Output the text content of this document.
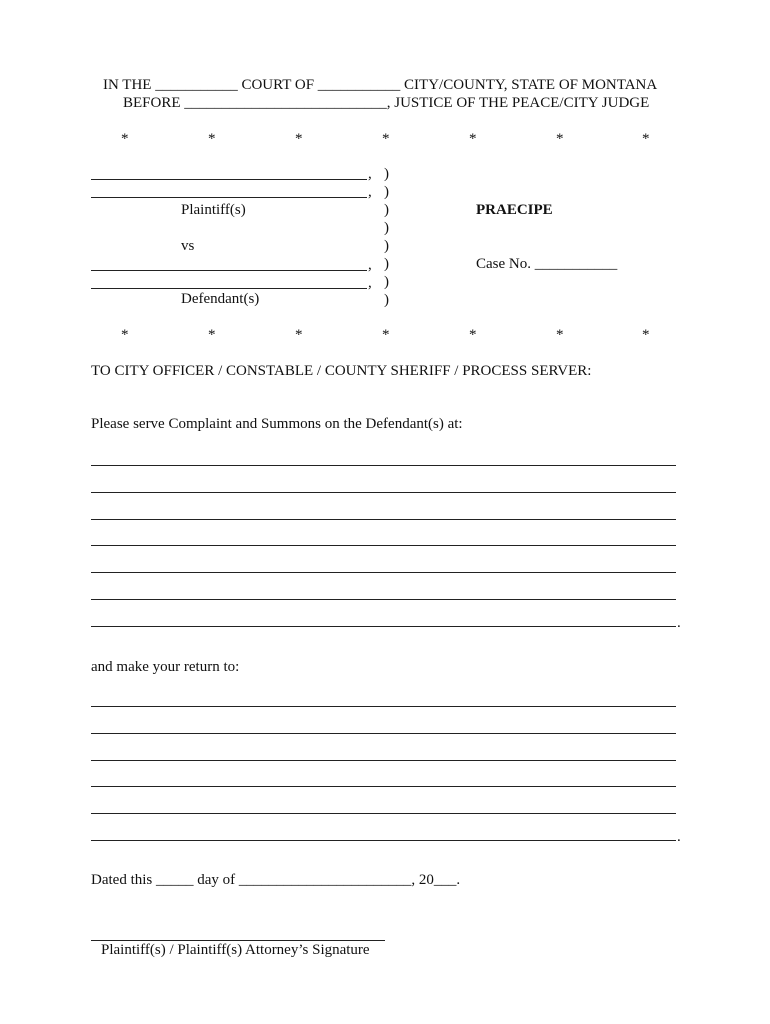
IN THE ___________ COURT OF ___________ CITY/COUNTY, STATE OF MONTANA
BEFORE ___________________________, JUSTICE OF THE PEACE/CITY JUDGE
*	*	*	*	*	*	*
,
,
Plaintiff(s)
vs
,
,
Defendant(s)
)
)
)
)
)
)
)
)
PRAECIPE
Case No. ___________
*	*	*	*	*	*	*
TO CITY OFFICER / CONSTABLE / COUNTY SHERIFF / PROCESS SERVER:
Please serve Complaint and Summons on the Defendant(s) at:
.
and make your return to:
.
Dated this _____ day of _______________________, 20___.
Plaintiff(s) / Plaintiff(s) Attorney’s Signature
